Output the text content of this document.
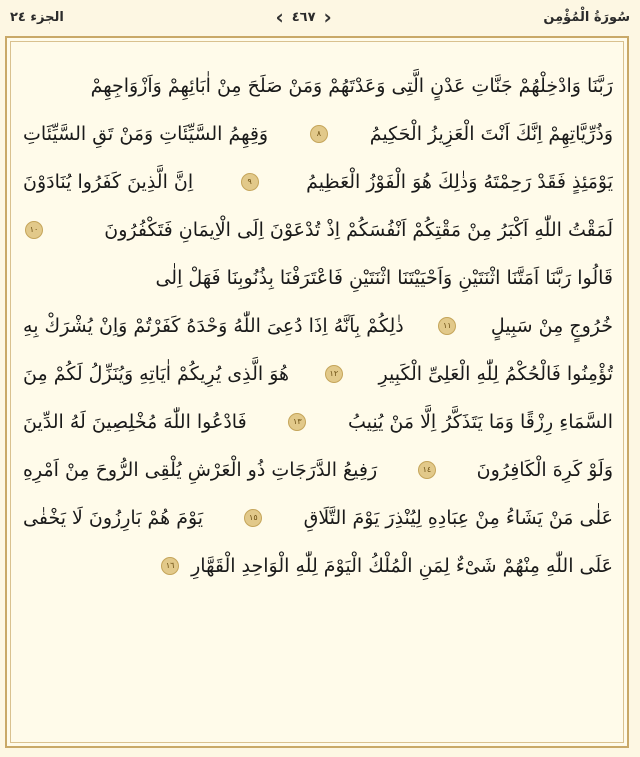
الجزء ٢٤	‹ ٤٦٧ ›	سُورَةُ الْمُؤْمِن
رَبَّنَا وَادْخِلْهُمْ جَنَّاتِ عَدْنٍ الَّتِى وَعَدْتَهُمْ وَمَنْ صَلَحَ مِنْ اٰبَائِهِمْ وَاَزْوَاجِهِمْ
وَذُرِّيَّاتِهِمْ اِنَّكَ اَنْتَ الْعَزِيزُ الْحَكِيمُ
٨
وَقِهِمُ السَّيِّئَاتِ وَمَنْ تَقِ السَّيِّئَاتِ
يَوْمَئِذٍ فَقَدْ رَحِمْتَهُ وَذٰلِكَ هُوَ الْفَوْزُ الْعَظِيمُ
٩
اِنَّ الَّذِينَ كَفَرُوا يُنَادَوْنَ
لَمَقْتُ اللّٰهِ اَكْبَرُ مِنْ مَقْتِكُمْ اَنْفُسَكُمْ اِذْ تُدْعَوْنَ اِلَى الْاِيمَانِ فَتَكْفُرُونَ
١٠
قَالُوا رَبَّنَا اَمَتَّنَا اثْنَتَيْنِ وَاَحْيَيْتَنَا اثْنَتَيْنِ فَاعْتَرَفْنَا بِذُنُوبِنَا فَهَلْ اِلٰى
خُرُوجٍ مِنْ سَبِيلٍ
١١
ذٰلِكُمْ بِاَنَّهُ اِذَا دُعِىَ اللّٰهُ وَحْدَهُ كَفَرْتُمْ وَاِنْ يُشْرَكْ بِهِ
تُؤْمِنُوا فَالْحُكْمُ لِلّٰهِ الْعَلِىِّ الْكَبِيرِ
١٢
هُوَ الَّذِى يُرِيكُمْ اٰيَاتِهِ وَيُنَزِّلُ لَكُمْ مِنَ
السَّمَاءِ رِزْقًا وَمَا يَتَذَكَّرُ اِلَّا مَنْ يُنِيبُ
١٣
فَادْعُوا اللّٰهَ مُخْلِصِينَ لَهُ الدِّينَ
وَلَوْ كَرِهَ الْكَافِرُونَ
١٤
رَفِيعُ الدَّرَجَاتِ ذُو الْعَرْشِ يُلْقِى الرُّوحَ مِنْ اَمْرِهِ
عَلٰى مَنْ يَشَاءُ مِنْ عِبَادِهِ لِيُنْذِرَ يَوْمَ التَّلَاقِ
١٥
يَوْمَ هُمْ بَارِزُونَ لَا يَخْفٰى
عَلَى اللّٰهِ مِنْهُمْ شَیْءٌ لِمَنِ الْمُلْكُ الْيَوْمَ لِلّٰهِ الْوَاحِدِ الْقَهَّارِ
١٦
